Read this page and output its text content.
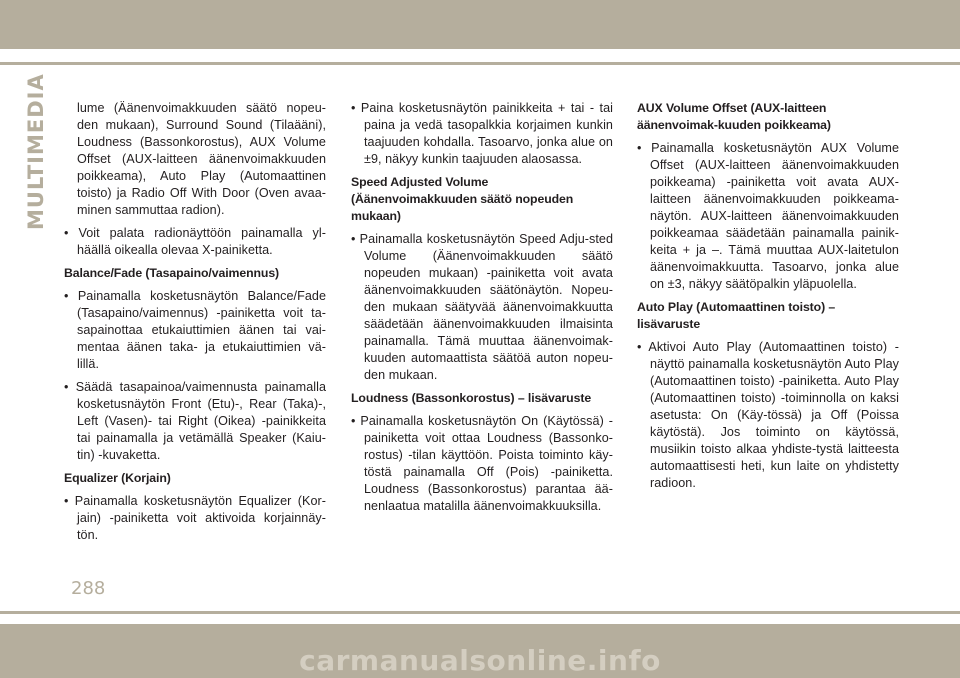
MULTIMEDIA lume (Äänenvoimakkuuden säätö nopeu-den mukaan), Surround Sound (Tilaääni), Loudness (Bassonkorostus), AUX Volume Offset (AUX-laitteen äänenvoimakkuuden poikkeama), Auto Play (Automaattinen toisto) ja Radio Off With Door (Oven avaa-minen sammuttaa radion).

• Voit palata radionäyttöön painamalla yl-häällä oikealla olevaa X-painiketta.

Balance/Fade (Tasapaino/vaimennus)

• Painamalla kosketusnäytön Balance/Fade (Tasapaino/vaimennus) -painiketta voit ta-sapainottaa etukaiuttimien äänen tai vai-mentaa äänen taka- ja etukaiuttimien vä-lillä.

• Säädä tasapainoa/vaimennusta painamalla kosketusnäytön Front (Etu)-, Rear (Taka)-, Left (Vasen)- tai Right (Oikea) -painikkeita tai painamalla ja vetämällä Speaker (Kaiu-tin) -kuvaketta.

Equalizer (Korjain)

• Painamalla kosketusnäytön Equalizer (Kor-jain) -painiketta voit aktivoida korjainnäy-tön.

• Paina kosketusnäytön painikkeita + tai - tai paina ja vedä tasopalkkia korjaimen kunkin taajuuden kohdalla. Tasoarvo, jonka alue on ±9, näkyy kunkin taajuuden alaosassa.

Speed Adjusted Volume (Äänenvoimakkuuden säätö nopeuden mukaan)

• Painamalla kosketusnäytön Speed Adju-sted Volume (Äänenvoimakkuuden säätö nopeuden mukaan) -painiketta voit avata äänenvoimakkuuden säätönäytön. Nopeu-den mukaan säätyvää äänenvoimakkuutta säädetään äänenvoimakkuuden ilmaisinta painamalla. Tämä muuttaa äänenvoimak-kuuden automaattista säätöä auton nopeu-den mukaan.

Loudness (Bassonkorostus) – lisävaruste

• Painamalla kosketusnäytön On (Käytössä) -painiketta voit ottaa Loudness (Bassonko-rostus) -tilan käyttöön. Poista toiminto käy-töstä painamalla Off (Pois) -painiketta. Loudness (Bassonkorostus) parantaa ää-nenlaatua matalilla äänenvoimakkuuksilla.

AUX Volume Offset (AUX-laitteen äänenvoimak-kuuden poikkeama)

• Painamalla kosketusnäytön AUX Volume Offset (AUX-laitteen äänenvoimakkuuden poikkeama) -painiketta voit avata AUX-laitteen äänenvoimakkuuden poikkeama-näytön. AUX-laitteen äänenvoimakkuuden poikkeamaa säädetään painamalla painik-keita + ja –. Tämä muuttaa AUX-laitetulon äänenvoimakkuutta. Tasoarvo, jonka alue on ±3, näkyy säätöpalkin yläpuolella.

Auto Play (Automaattinen toisto) – lisävaruste

• Aktivoi Auto Play (Automaattinen toisto) -näyttö painamalla kosketusnäytön Auto Play (Automaattinen toisto) -painiketta. Auto Play (Automaattinen toisto) -toiminnolla on kaksi asetusta: On (Käy-tössä) ja Off (Poissa käytöstä). Jos toiminto on käytössä, musiikin toisto alkaa yhdiste-tystä laitteesta automaattisesti heti, kun laite on yhdistetty radioon.

288
carmanualsonline.info
